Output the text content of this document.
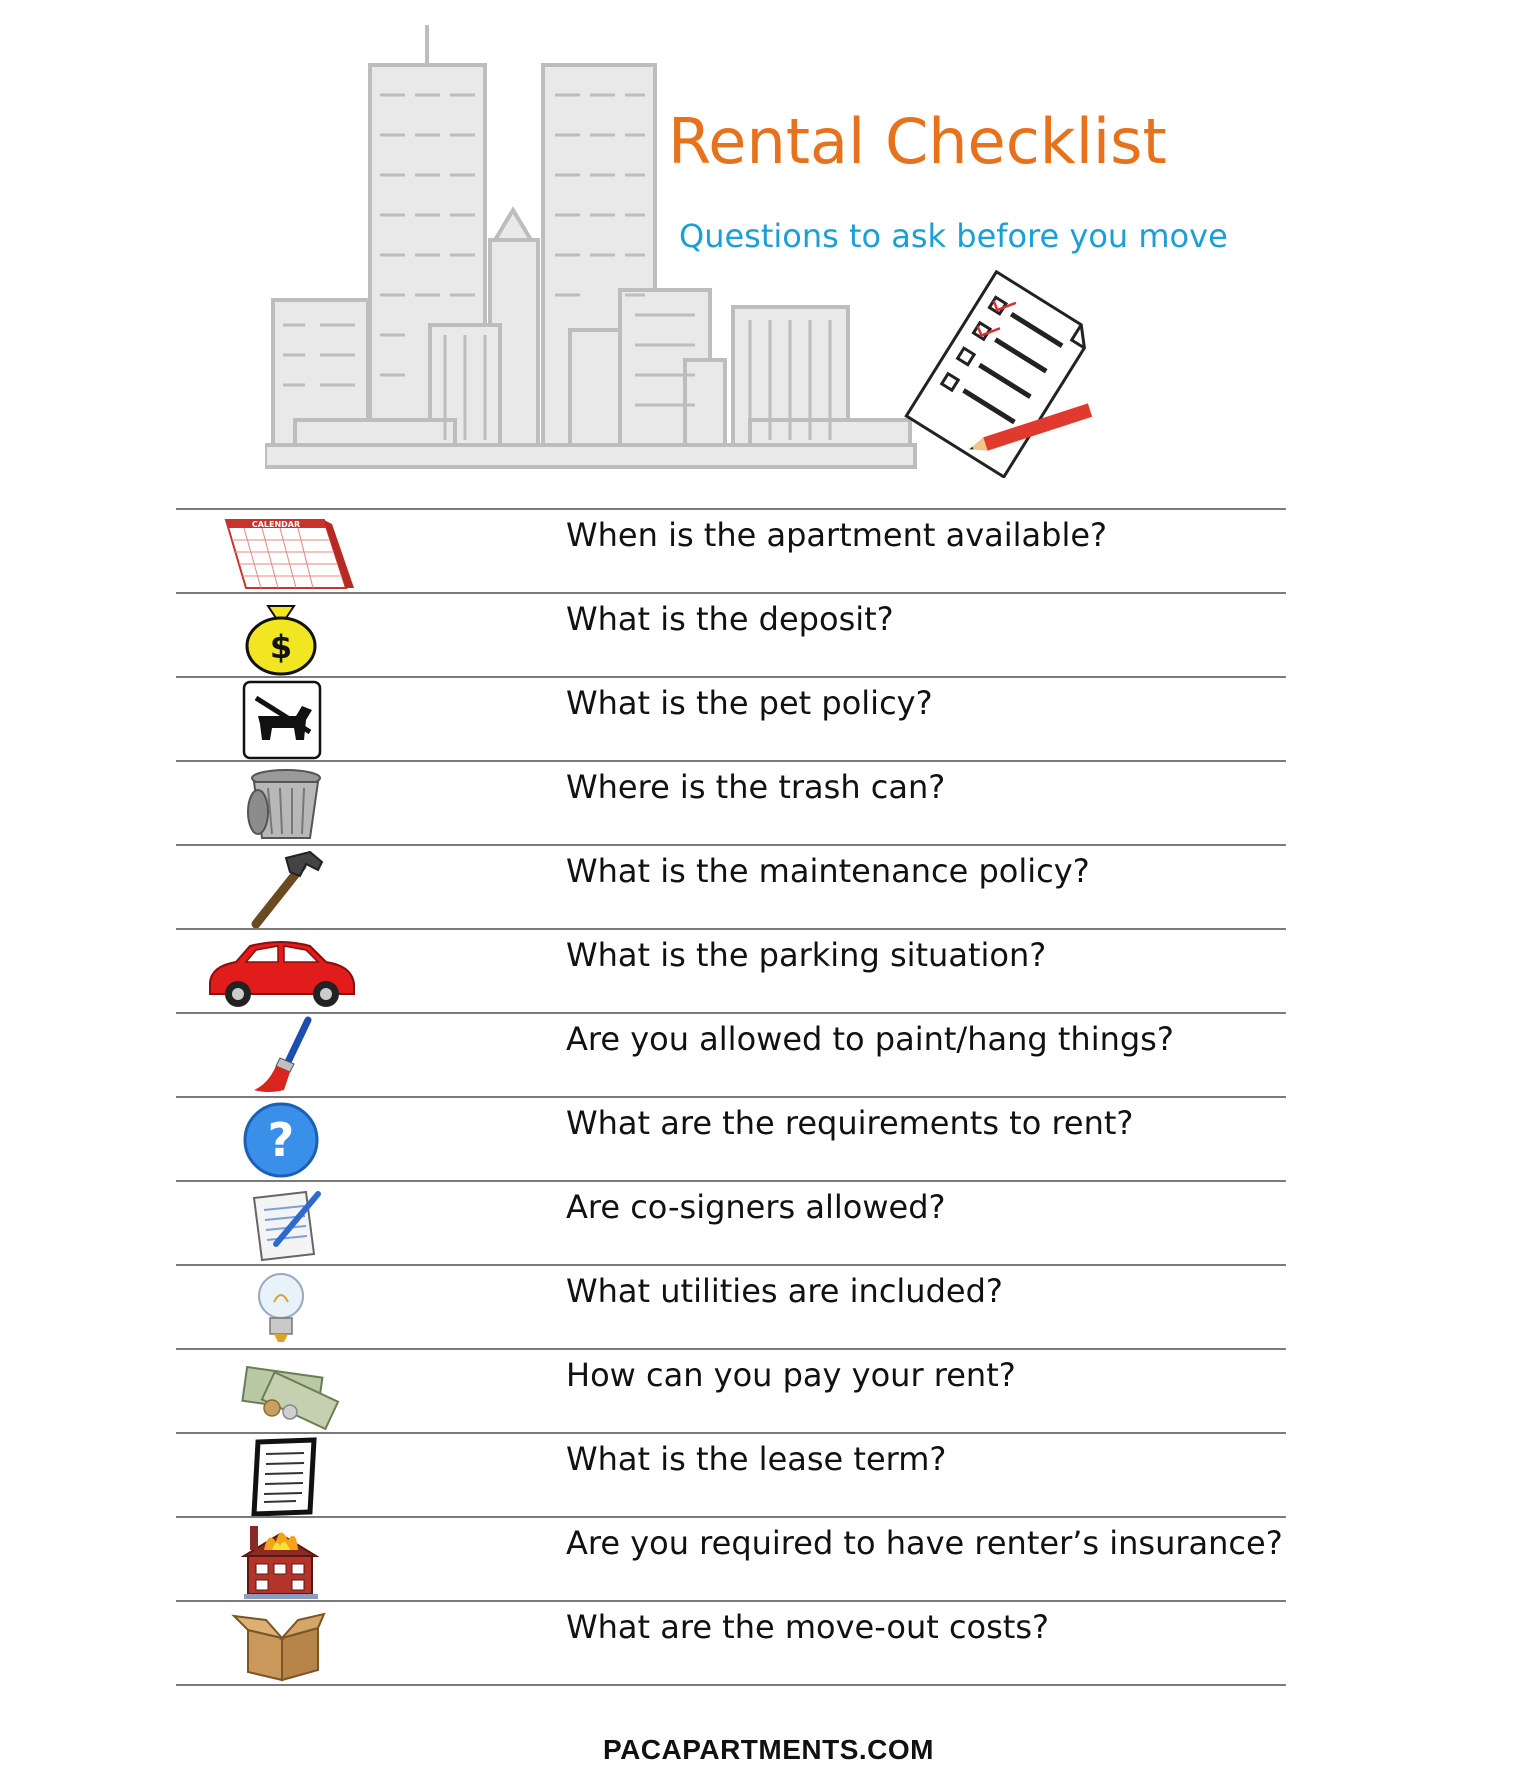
Rental Checklist
Questions to ask before you move
CALENDAR	When is the apartment available?
$
What is the deposit?
What is the pet policy?
Where is the trash can?
What is the maintenance policy?
What is the parking situation?
Are you allowed to paint/hang things?
?	What are the requirements to rent?
Are co-signers allowed?
What utilities are included?
How can you pay your rent?
What is the lease term?
Are you required to have renter’s insurance?
What are the move-out costs?
PACAPARTMENTS.COM
